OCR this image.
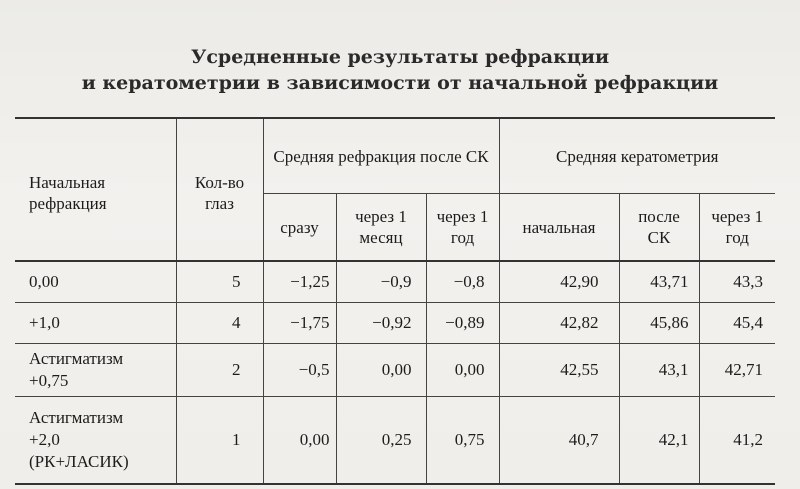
Усредненные результаты рефракции
и кератометрии в зависимости от начальной рефракции
Начальная рефракция	Кол-во глаз	Средняя рефракция после СК			Средняя кератометрия		
		сразу	через 1 месяц	через 1 год	начальная	после СК	через 1 год
0,00	5	−1,25	−0,9	−0,8	42,90	43,71	43,3
+1,0	4	−1,75	−0,92	−0,89	42,82	45,86	45,4
Астигматизм +0,75	2	−0,5	0,00	0,00	42,55	43,1	42,71
Астигматизм +2,0 (РК+ЛАСИК)	1	0,00	0,25	0,75	40,7	42,1	41,2
